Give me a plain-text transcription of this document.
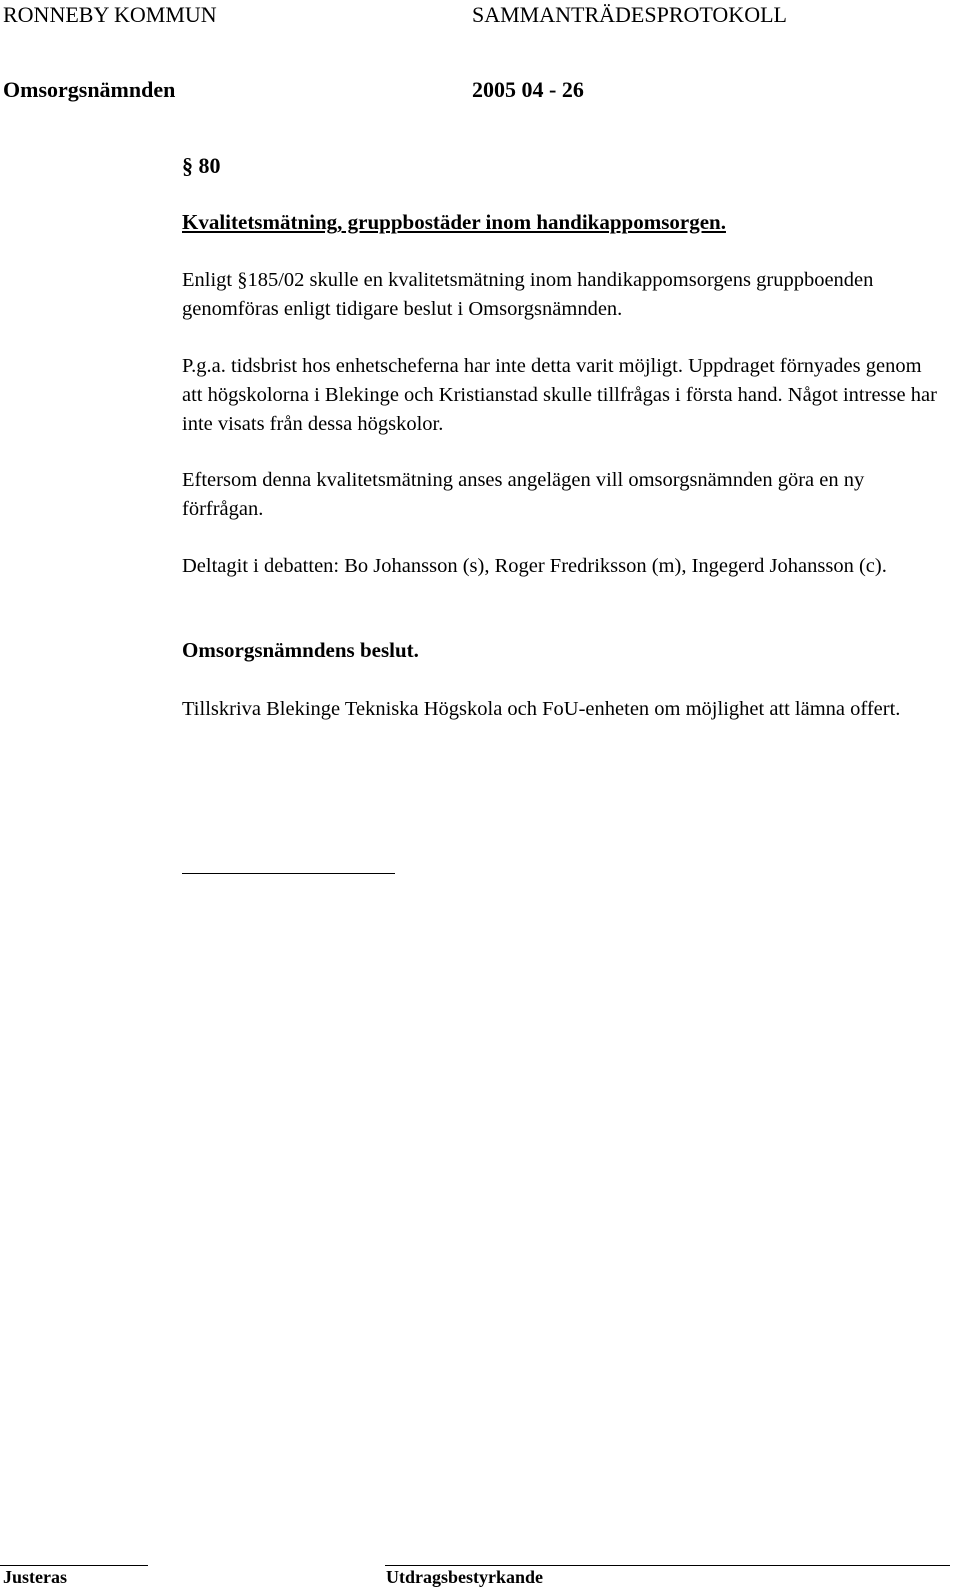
RONNEBY KOMMUN	SAMMANTRÄDESPROTOKOLL
Omsorgsnämnden	2005 04 - 26
§ 80
Kvalitetsmätning, gruppbostäder inom handikappomsorgen.
Enligt §185/02 skulle en kvalitetsmätning inom handikappomsorgens gruppboenden genomföras enligt tidigare beslut i Omsorgsnämnden.
P.g.a. tidsbrist hos enhetscheferna har inte detta varit möjligt. Uppdraget förnyades genom att högskolorna i Blekinge och Kristianstad skulle tillfrågas i första hand. Något intresse har inte visats från dessa högskolor.
Eftersom denna kvalitetsmätning anses angelägen vill omsorgsnämnden göra en ny förfrågan.
Deltagit i debatten: Bo Johansson (s), Roger Fredriksson (m), Ingegerd Johansson (c).
Omsorgsnämndens beslut.
Tillskriva Blekinge Tekniska Högskola och FoU-enheten om möjlighet att lämna offert.
Justeras	Utdragsbestyrkande
